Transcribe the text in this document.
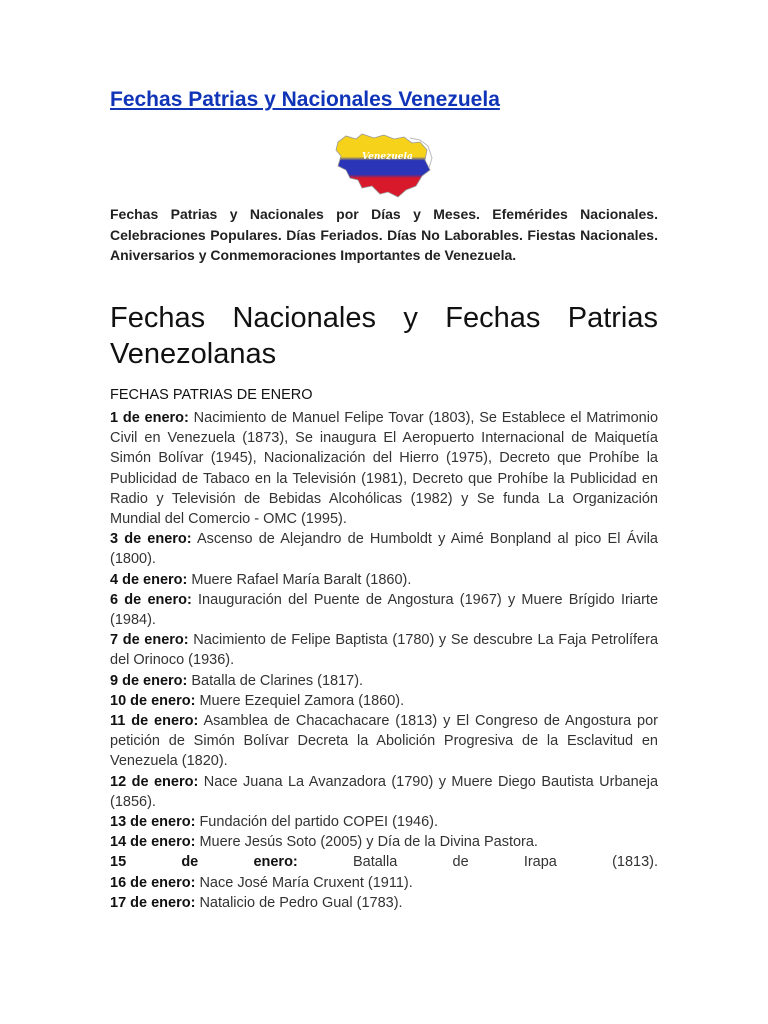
Fechas Patrias y Nacionales Venezuela
Venezuela

Fechas Patrias y Nacionales por Días y Meses. Efemérides Nacionales. Celebraciones Populares. Días Feriados. Días No Laborables. Fiestas Nacionales. Aniversarios y Conmemoraciones Importantes de Venezuela.

Fechas Nacionales y Fechas Patrias Venezolanas
FECHAS PATRIAS DE ENERO

1 de enero: Nacimiento de Manuel Felipe Tovar (1803), Se Establece el Matrimonio Civil en Venezuela (1873), Se inaugura El Aeropuerto Internacional de Maiquetía Simón Bolívar (1945), Nacionalización del Hierro (1975), Decreto que Prohíbe la Publicidad de Tabaco en la Televisión (1981), Decreto que Prohíbe la Publicidad en Radio y Televisión de Bebidas Alcohólicas (1982) y Se funda La Organización Mundial del Comercio - OMC (1995).

3 de enero: Ascenso de Alejandro de Humboldt y Aimé Bonpland al pico El Ávila (1800).

4 de enero: Muere Rafael María Baralt (1860).

6 de enero: Inauguración del Puente de Angostura (1967) y Muere Brígido Iriarte (1984).

7 de enero: Nacimiento de Felipe Baptista (1780) y Se descubre La Faja Petrolífera del Orinoco (1936).

9 de enero: Batalla de Clarines (1817).

10 de enero: Muere Ezequiel Zamora (1860).

11 de enero: Asamblea de Chacachacare (1813) y El Congreso de Angostura por petición de Simón Bolívar Decreta la Abolición Progresiva de la Esclavitud en Venezuela (1820).

12 de enero: Nace Juana La Avanzadora (1790) y Muere Diego Bautista Urbaneja (1856).

13 de enero: Fundación del partido COPEI (1946).

14 de enero: Muere Jesús Soto (2005) y Día de la Divina Pastora.

15 de enero:	Batalla de Irapa (1813).

16 de enero: Nace José María Cruxent (1911).

17 de enero: Natalicio de Pedro Gual (1783).
